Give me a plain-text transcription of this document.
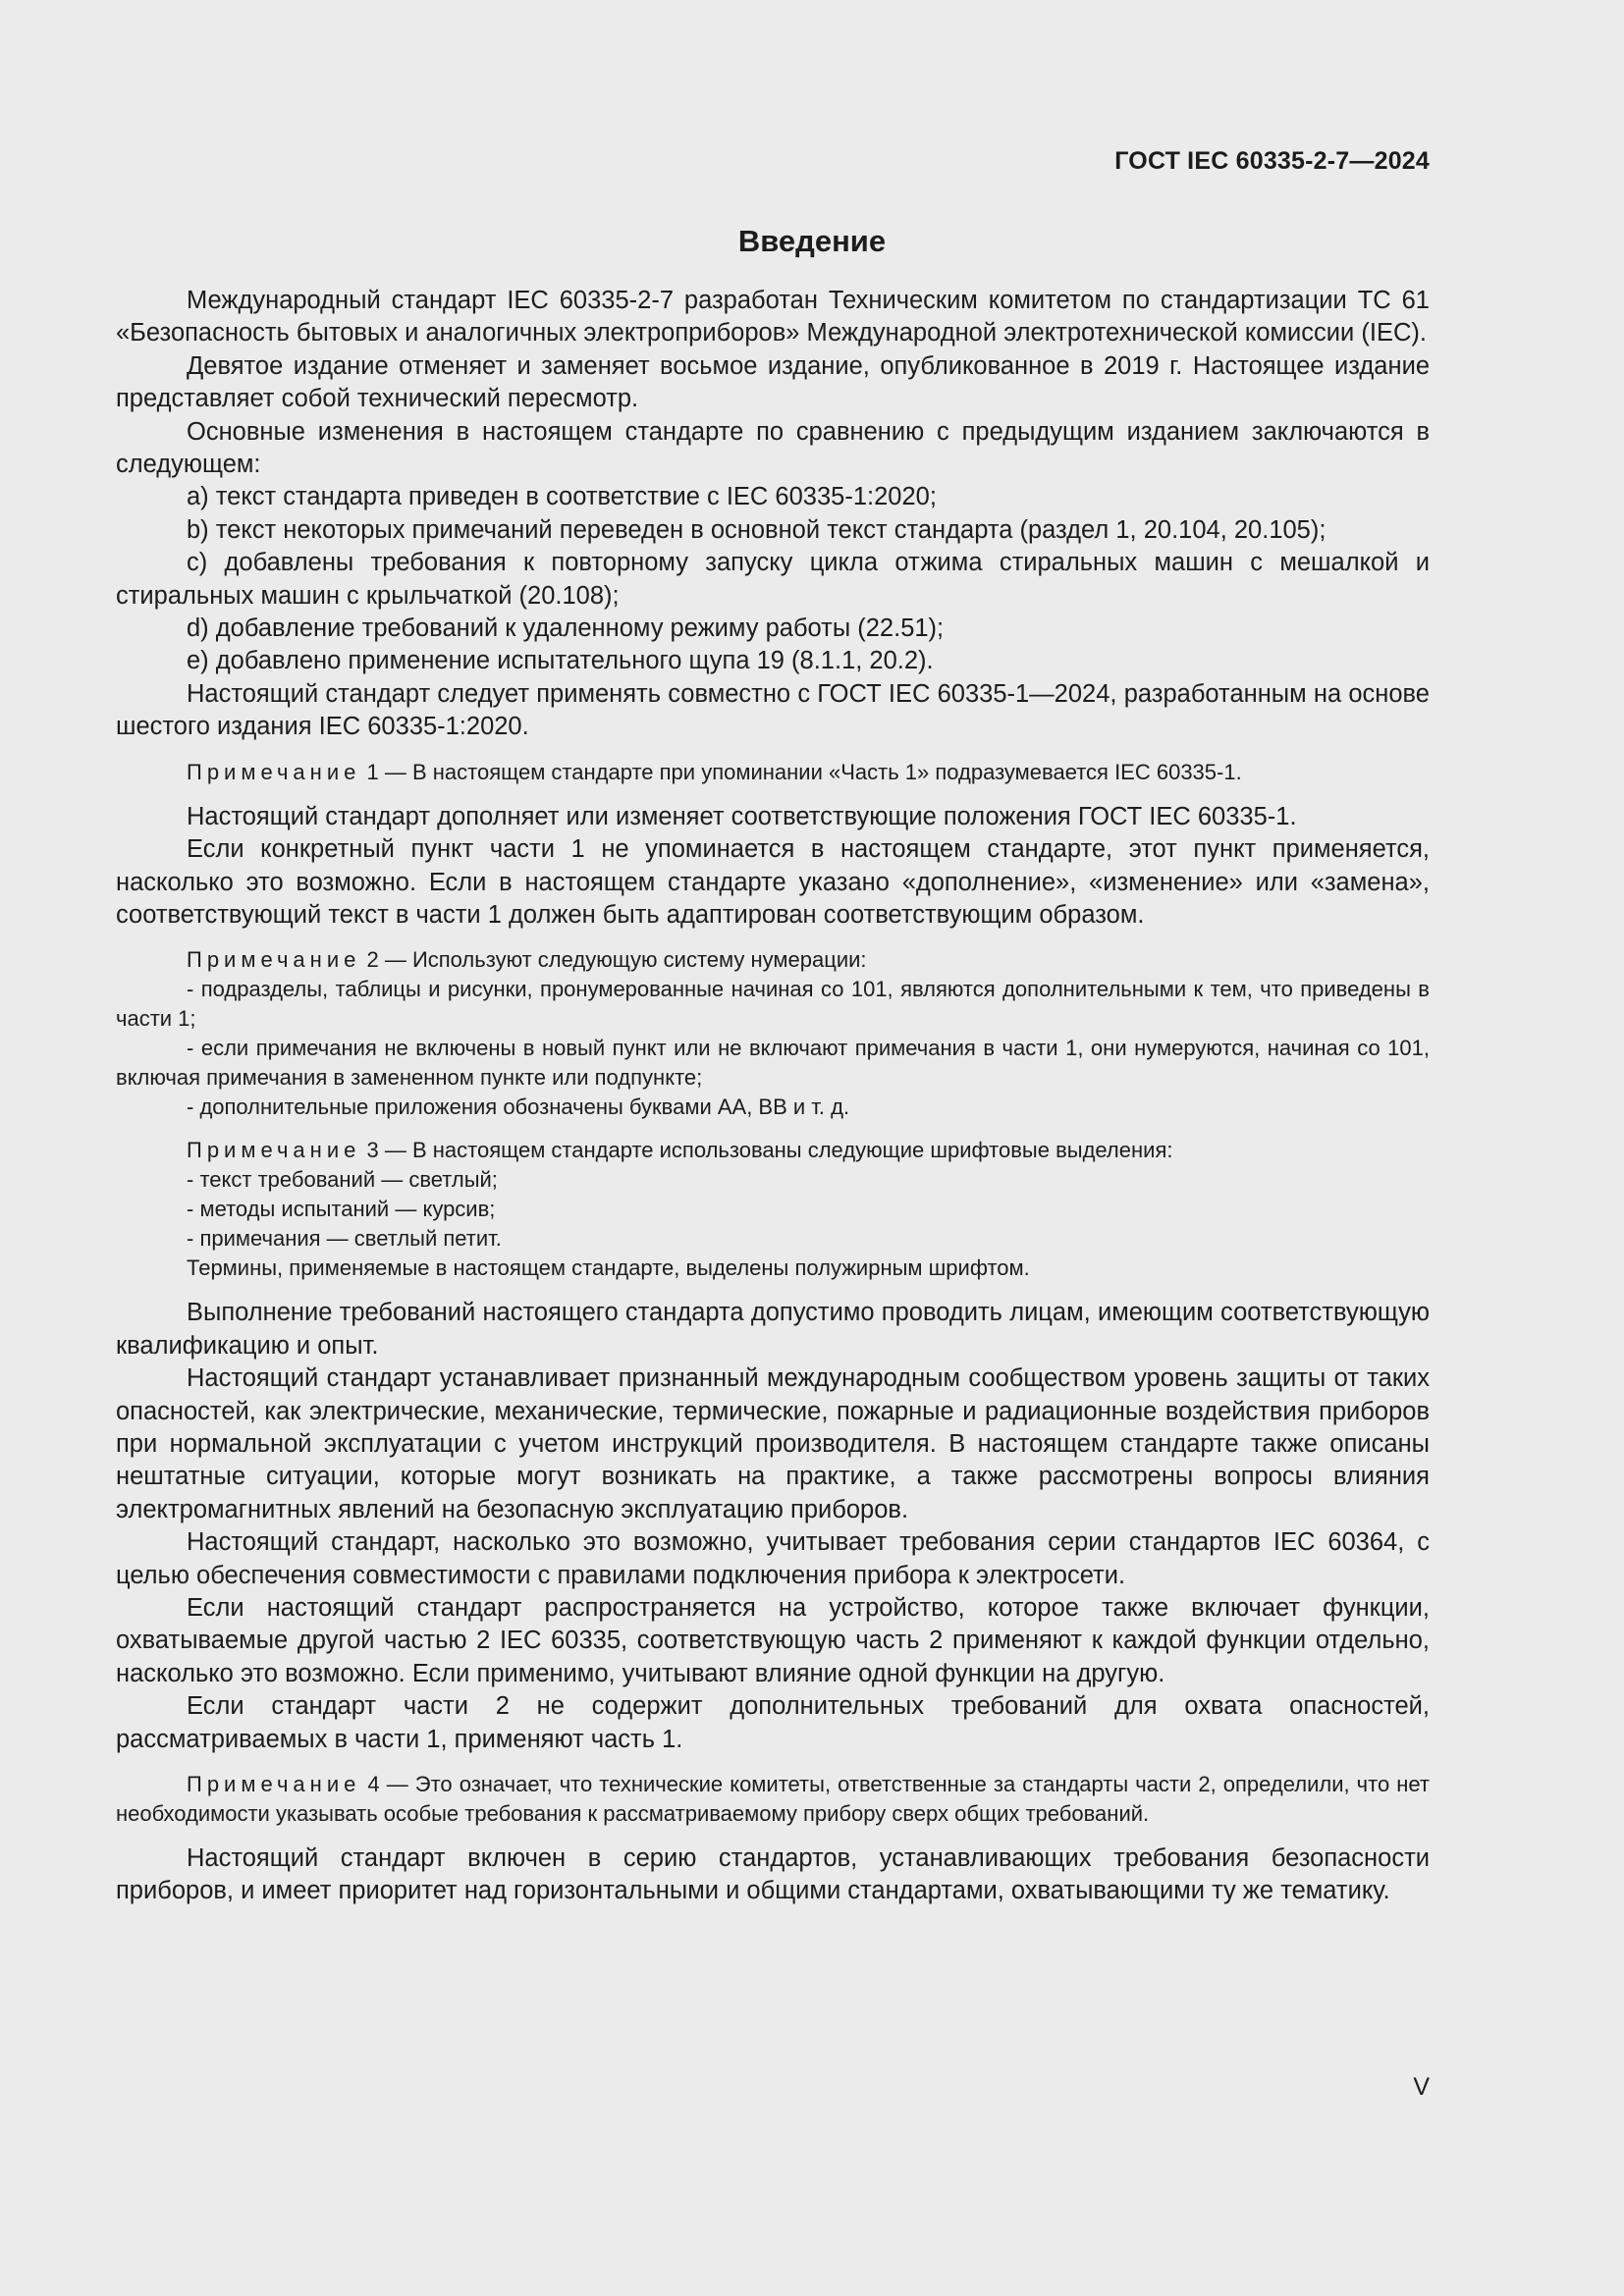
ГОСТ IEC 60335-2-7—2024
Введение

Международный стандарт IEC 60335-2-7 разработан Техническим комитетом по стандартизации ТС 61 «Безопасность бытовых и аналогичных электроприборов» Международной электротехнической комиссии (IEC).

Девятое издание отменяет и заменяет восьмое издание, опубликованное в 2019 г. Настоящее издание представляет собой технический пересмотр.

Основные изменения в настоящем стандарте по сравнению с предыдущим изданием заключаются в следующем:

a) текст стандарта приведен в соответствие с IEC 60335-1:2020;

b) текст некоторых примечаний переведен в основной текст стандарта (раздел 1, 20.104, 20.105);

c) добавлены требования к повторному запуску цикла отжима стиральных машин с мешалкой и стиральных машин с крыльчаткой (20.108);

d) добавление требований к удаленному режиму работы (22.51);

e) добавлено применение испытательного щупа 19 (8.1.1, 20.2).

Настоящий стандарт следует применять совместно с ГОСТ IEC 60335-1—2024, разработанным на основе шестого издания IEC 60335-1:2020.

Примечание 1 — В настоящем стандарте при упоминании «Часть 1» подразумевается IEC 60335-1.

Настоящий стандарт дополняет или изменяет соответствующие положения ГОСТ IEC 60335-1.

Если конкретный пункт части 1 не упоминается в настоящем стандарте, этот пункт применяется, насколько это возможно. Если в настоящем стандарте указано «дополнение», «изменение» или «замена», соответствующий текст в части 1 должен быть адаптирован соответствующим образом.

Примечание 2 — Используют следующую систему нумерации:

- подразделы, таблицы и рисунки, пронумерованные начиная со 101, являются дополнительными к тем, что приведены в части 1;

- если примечания не включены в новый пункт или не включают примечания в части 1, они нумеруются, начиная со 101, включая примечания в замененном пункте или подпункте;

- дополнительные приложения обозначены буквами АА, ВВ и т. д.

Примечание 3 — В настоящем стандарте использованы следующие шрифтовые выделения:

- текст требований — светлый;

- методы испытаний — курсив;

- примечания — светлый петит.

Термины, применяемые в настоящем стандарте, выделены полужирным шрифтом.

Выполнение требований настоящего стандарта допустимо проводить лицам, имеющим соответствующую квалификацию и опыт.

Настоящий стандарт устанавливает признанный международным сообществом уровень защиты от таких опасностей, как электрические, механические, термические, пожарные и радиационные воздействия приборов при нормальной эксплуатации с учетом инструкций производителя. В настоящем стандарте также описаны нештатные ситуации, которые могут возникать на практике, а также рассмотрены вопросы влияния электромагнитных явлений на безопасную эксплуатацию приборов.

Настоящий стандарт, насколько это возможно, учитывает требования серии стандартов IEC 60364, с целью обеспечения совместимости с правилами подключения прибора к электросети.

Если настоящий стандарт распространяется на устройство, которое также включает функции, охватываемые другой частью 2 IEC 60335, соответствующую часть 2 применяют к каждой функции отдельно, насколько это возможно. Если применимо, учитывают влияние одной функции на другую.

Если стандарт части 2 не содержит дополнительных требований для охвата опасностей, рассматриваемых в части 1, применяют часть 1.

Примечание 4 — Это означает, что технические комитеты, ответственные за стандарты части 2, определили, что нет необходимости указывать особые требования к рассматриваемому прибору сверх общих требований.

Настоящий стандарт включен в серию стандартов, устанавливающих требования безопасности приборов, и имеет приоритет над горизонтальными и общими стандартами, охватывающими ту же тематику.

V
